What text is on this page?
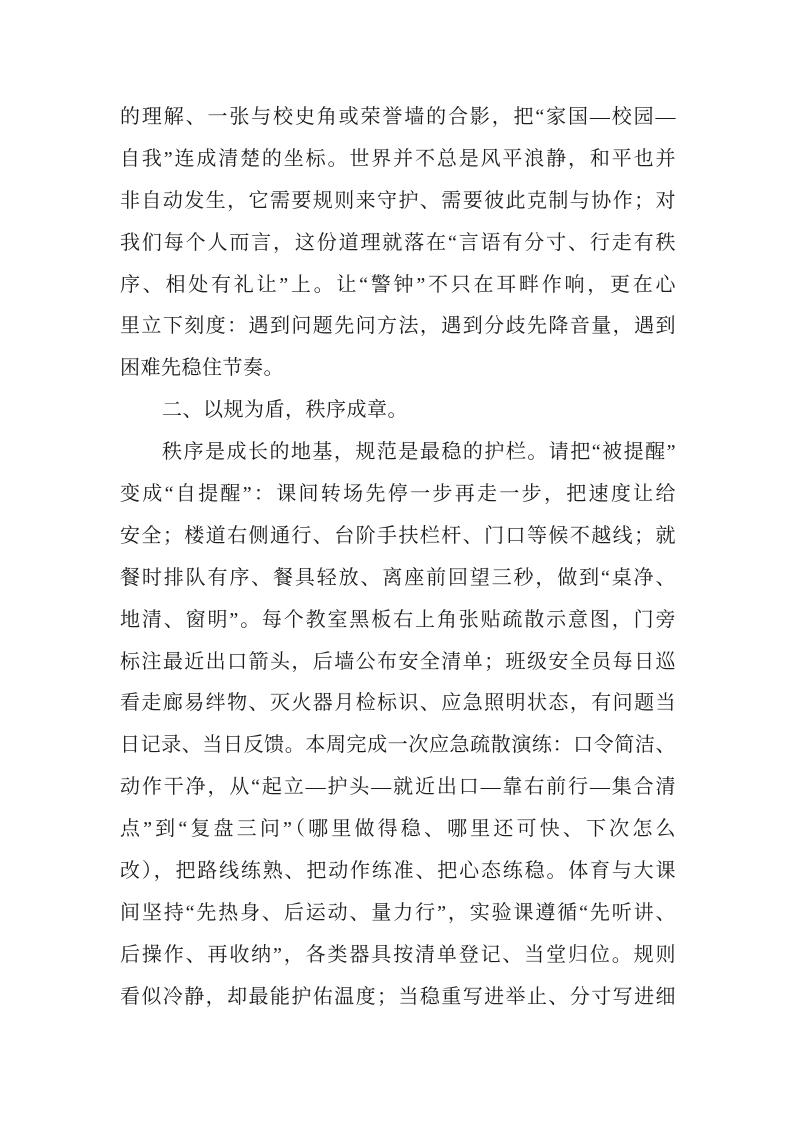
的理解、一张与校史角或荣誉墙的合影，把“家国—校园—
自我”连成清楚的坐标。世界并不总是风平浪静，和平也并
非自动发生，它需要规则来守护、需要彼此克制与协作；对
我们每个人而言，这份道理就落在“言语有分寸、行走有秩
序、相处有礼让”上。让“警钟”不只在耳畔作响，更在心
里立下刻度：遇到问题先问方法，遇到分歧先降音量，遇到
困难先稳住节奏。
二、以规为盾，秩序成章。
秩序是成长的地基，规范是最稳的护栏。请把“被提醒”
变成“自提醒”：课间转场先停一步再走一步，把速度让给
安全；楼道右侧通行、台阶手扶栏杆、门口等候不越线；就
餐时排队有序、餐具轻放、离座前回望三秒，做到“桌净、
地清、窗明”。每个教室黑板右上角张贴疏散示意图，门旁
标注最近出口箭头，后墙公布安全清单；班级安全员每日巡
看走廊易绊物、灭火器月检标识、应急照明状态，有问题当
日记录、当日反馈。本周完成一次应急疏散演练：口令简洁、
动作干净，从“起立—护头—就近出口—靠右前行—集合清
点”到“复盘三问”（哪里做得稳、哪里还可快、下次怎么
改），把路线练熟、把动作练准、把心态练稳。体育与大课
间坚持“先热身、后运动、量力行”，实验课遵循“先听讲、
后操作、再收纳”，各类器具按清单登记、当堂归位。规则
看似冷静，却最能护佑温度；当稳重写进举止、分寸写进细
